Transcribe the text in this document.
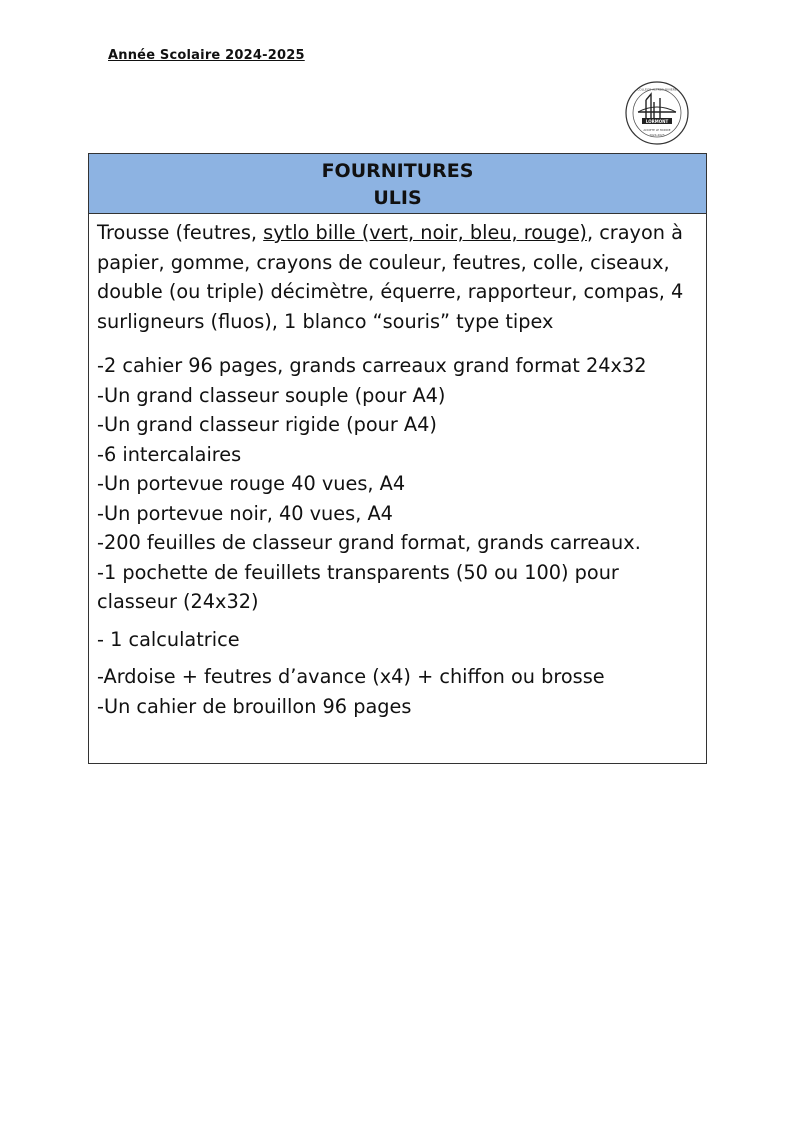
Année Scolaire 2024-2025
LORMONT
COLLÈGE ALFRED-RIVIÈRE
ADOPTE LE MONDE
2024-2025
FOURNITURES
ULIS

Trousse (feutres, sytlo bille (vert, noir, bleu, rouge), crayon à papier, gomme, crayons de couleur, feutres, colle, ciseaux, double (ou triple) décimètre, équerre, rapporteur, compas, 4 surligneurs (fluos), 1 blanco “souris” type tipex

-2 cahier 96 pages, grands carreaux grand format 24x32

-Un grand classeur souple (pour A4)

-Un grand classeur rigide (pour A4)

-6 intercalaires

-Un portevue rouge 40 vues, A4

-Un portevue noir, 40 vues, A4

-200 feuilles de classeur grand format, grands carreaux.

-1 pochette de feuillets transparents (50 ou 100) pour classeur (24x32)

- 1 calculatrice

-Ardoise + feutres d’avance (x4) + chiffon ou brosse

-Un cahier de brouillon 96 pages
